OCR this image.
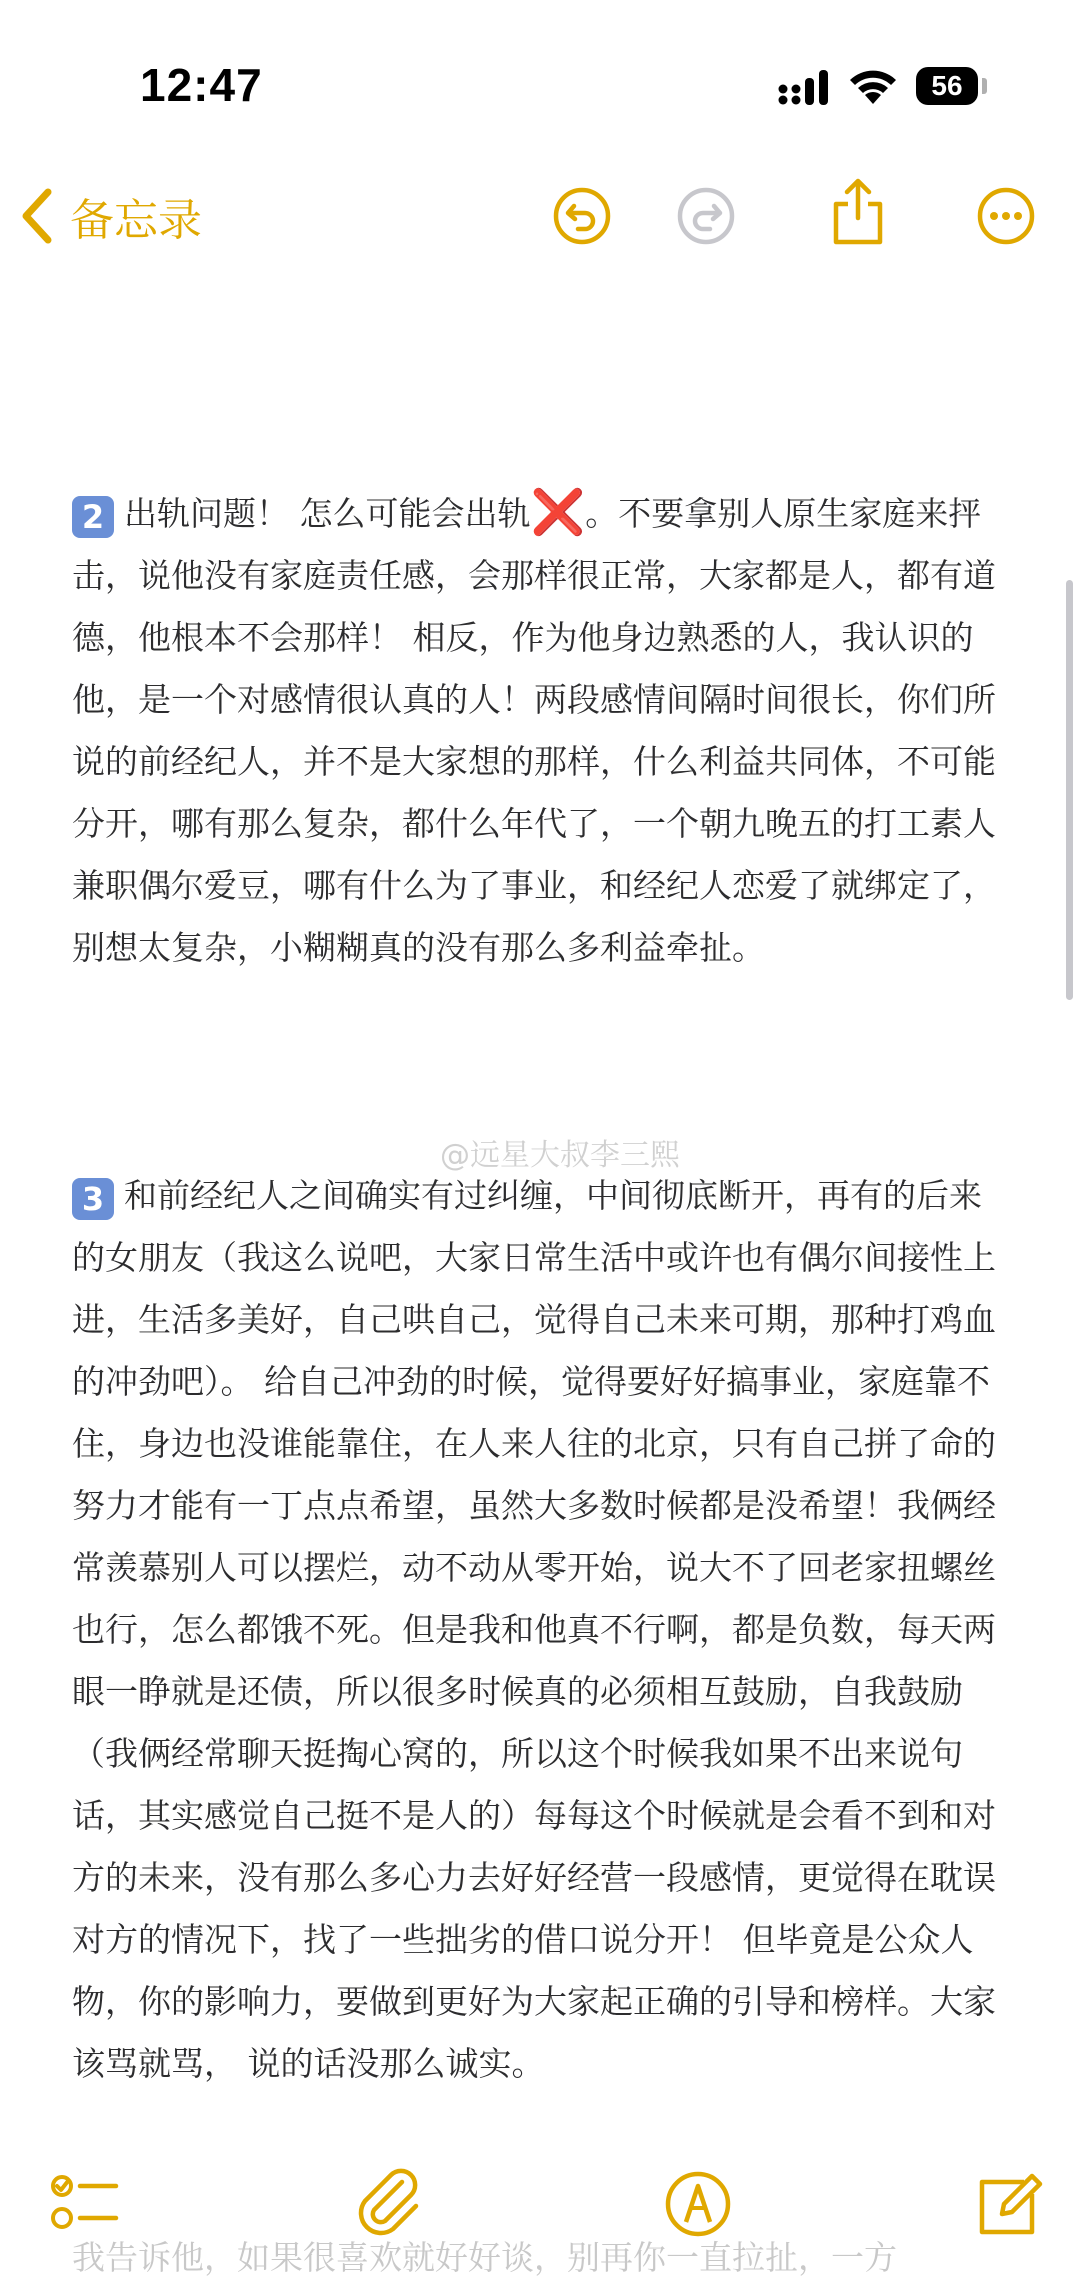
12:47	56
备忘录

2 出轨问题！ 怎么可能会出轨❌。不要拿别人原生家庭来抨击，说他没有家庭责任感，会那样很正常，大家都是人，都有道德，他根本不会那样！ 相反，作为他身边熟悉的人，我认识的他，是一个对感情很认真的人！两段感情间隔时间很长，你们所说的前经纪人，并不是大家想的那样，什么利益共同体，不可能分开，哪有那么复杂，都什么年代了，一个朝九晚五的打工素人兼职偶尔爱豆，哪有什么为了事业，和经纪人恋爱了就绑定了，别想太复杂，小糊糊真的没有那么多利益牵扯。

3 和前经纪人之间确实有过纠缠，中间彻底断开，再有的后来的女朋友（我这么说吧，大家日常生活中或许也有偶尔间接性上进，生活多美好，自己哄自己，觉得自己未来可期，那种打鸡血的冲劲吧）。 给自己冲劲的时候，觉得要好好搞事业，家庭靠不住，身边也没谁能靠住，在人来人往的北京，只有自己拼了命的努力才能有一丁点点希望，虽然大多数时候都是没希望！我俩经常羡慕别人可以摆烂，动不动从零开始，说大不了回老家扭螺丝也行，怎么都饿不死。但是我和他真不行啊，都是负数，每天两眼一睁就是还债，所以很多时候真的必须相互鼓励，自我鼓励（我俩经常聊天挺掏心窝的，所以这个时候我如果不出来说句话，其实感觉自己挺不是人的）每每这个时候就是会看不到和对方的未来，没有那么多心力去好好经营一段感情，更觉得在耽误对方的情况下，找了一些拙劣的借口说分开！ 但毕竟是公众人物，你的影响力，要做到更好为大家起正确的引导和榜样。大家该骂就骂， 说的话没那么诚实。

@远星大叔李三熙
我告诉他，如果很喜欢就好好谈，别再你一直拉扯，一方
